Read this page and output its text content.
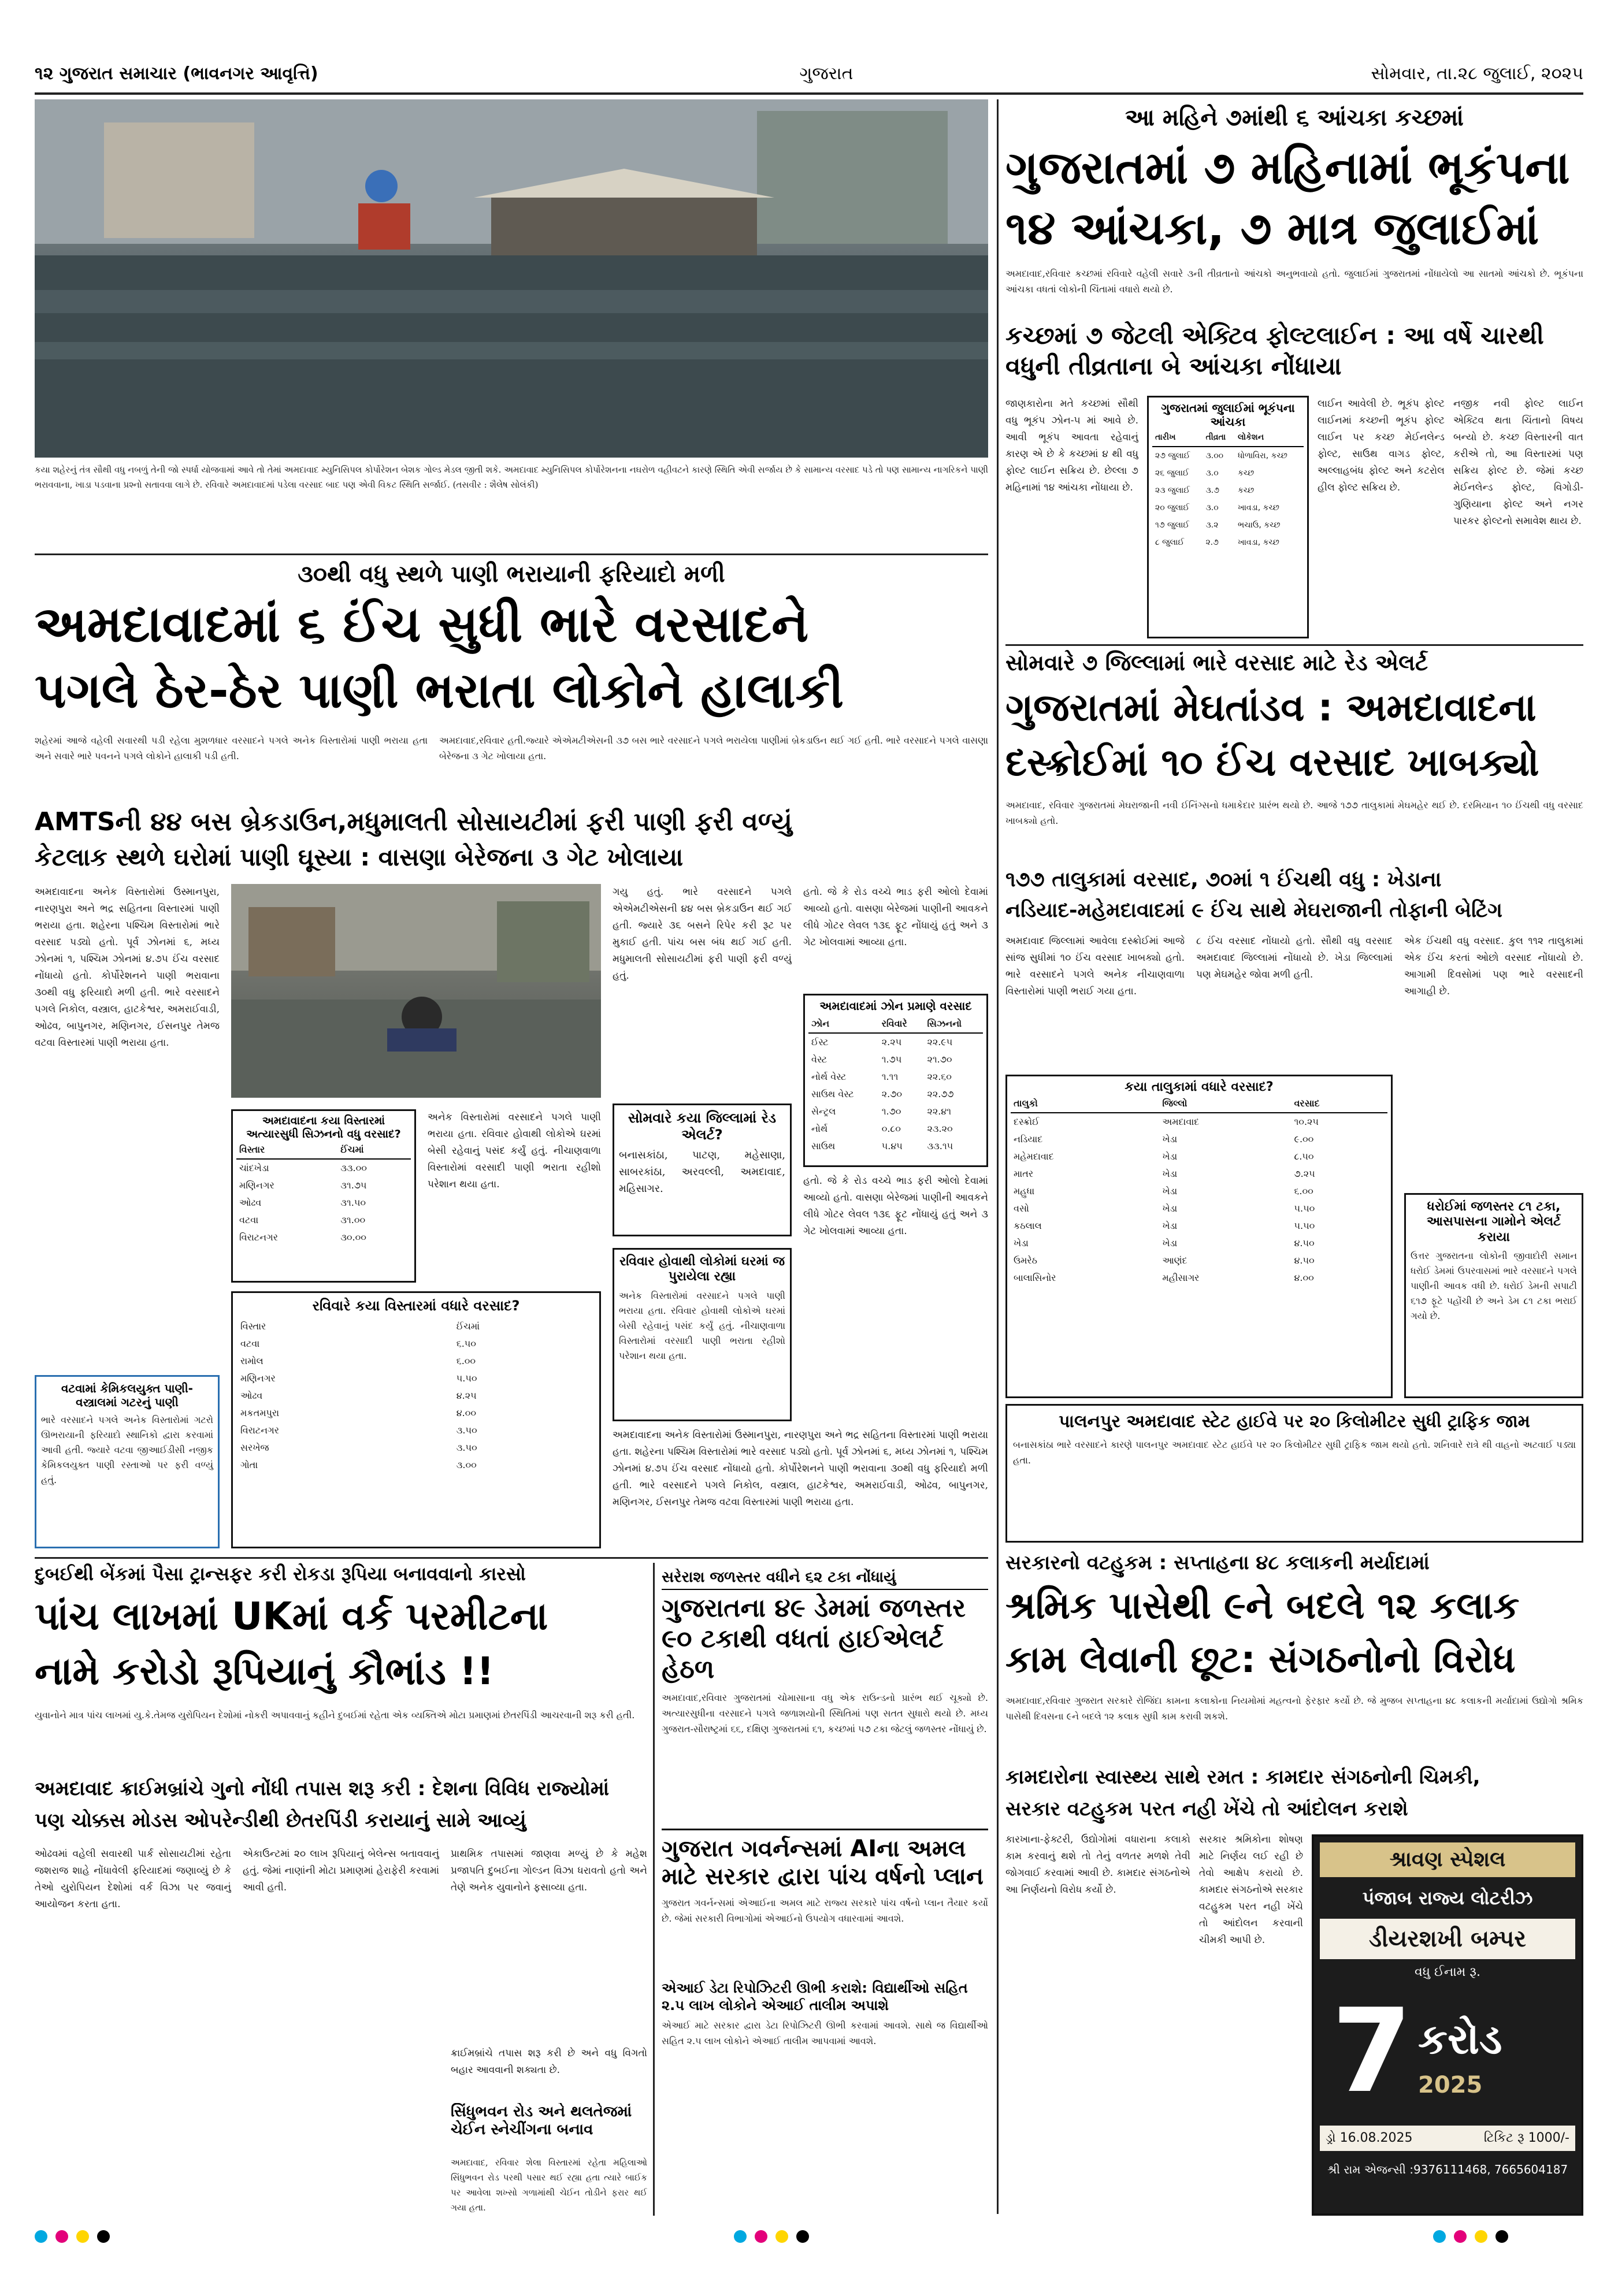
૧૨ ગુજરાત સમાચાર (ભાવનગર આવૃત્તિ)	ગુજરાત	સોમવાર, તા.૨૮ જુલાઈ, ૨૦૨૫
કયા શહેરનું તંત્ર સૌથી વધુ નબળું તેની જો સ્પર્ધા યોજવામાં આવે તો તેમાં અમદાવાદ મ્યુનિસિપલ કોર્પોરેશન બેશક ગોલ્ડ મેડલ જીતી શકે. અમદાવાદ મ્યુનિસિપલ કોર્પોરેશનના નઘરોળ વહીવટને કારણે સ્થિતિ એવી સર્જાય છે કે સામાન્ય વરસાદ પડે તો પણ સામાન્ય નાગરિકને પાણી ભરાવવાના, ખાડા પડવાના પ્રશ્નો સતાવવા લાગે છે. રવિવારે અમદાવાદમાં પડેલા વરસાદ બાદ પણ એવી વિકટ સ્થિતિ સર્જાઈ. (તસવીર : શૈલેષ સોલંકી)
૩૦થી વધુ સ્થળે પાણી ભરાયાની ફરિયાદો મળી
અમદાવાદમાં ૬ ઈંચ સુધી ભારે વરસાદને
પગલે ઠેર-ઠેર પાણી ભરાતા લોકોને હાલાકી
શહેરમાં આજે વહેલી સવારથી પડી રહેલા મુશળધાર વરસાદને પગલે અનેક વિસ્તારોમાં પાણી ભરાયા હતા અને સવારે ભારે પવનને પગલે લોકોને હાલાકી પડી હતી.
અમદાવાદ,રવિવાર હતી.જ્યારે એએમટીએસની ૩૭ બસ ભારે વરસાદને પગલે ભરાયેલા પાણીમાં બ્રેકડાઉન થઈ ગઈ હતી. ભારે વરસાદને પગલે વાસણા બેરેજના ૩ ગેટ ખોલાયા હતા.
AMTSની ૪૪ બસ બ્રેકડાઉન,મધુમાલતી સોસાયટીમાં ફરી પાણી ફરી વળ્યું
કેટલાક સ્થળે ઘરોમાં પાણી ઘૂસ્યા : વાસણા બેરેજના ૩ ગેટ ખોલાયા
અમદાવાદના અનેક વિસ્તારોમાં ઉસ્માનપુરા, નારણપુરા અને ભદ્ર સહિતના વિસ્તારમાં પાણી ભરાયા હતા. શહેરના પશ્ચિમ વિસ્તારોમાં ભારે વરસાદ પડ્યો હતો. પૂર્વ ઝોનમાં ૬, મધ્ય ઝોનમાં ૧, પશ્ચિમ ઝોનમાં ૪.૭૫ ઈંચ વરસાદ નોંધાયો હતો. કોર્પોરેશનને પાણી ભરાવાના ૩૦થી વધુ ફરિયાદો મળી હતી. ભારે વરસાદને પગલે નિકોલ, વસ્ત્રાલ, હાટકેશ્વર, અમરાઈવાડી, ઓઢવ, બાપુનગર, મણિનગર, ઈસનપુર તેમજ વટવા વિસ્તારમાં પાણી ભરાયા હતા.
ગયુ હતું. ભારે વરસાદને પગલે એએમટીએસની ૪૪ બસ બ્રેકડાઉન થઈ ગઈ હતી. જ્યારે ૩૬ બસને રિપેર કરી રૂટ પર મુકાઈ હતી. પાંચ બસ બંધ થઈ ગઈ હતી. મધુમાલતી સોસાયટીમાં ફરી પાણી ફરી વળ્યું હતું.
હતો. જે કે રોડ વચ્ચે ભાડ ફરી ઓલો દેવામાં આવ્યો હતો. વાસણા બેરેજમાં પાણીની આવકને લીધે ગોટર લેવલ ૧૩૬ ફૂટ નોંધાયું હતું અને ૩ ગેટ ખોલવામાં આવ્યા હતા.
અમદાવાદમાં ઝોન પ્રમાણે વરસાદ
ઝોન	રવિવારે	સિઝનનો
ઈસ્ટ	૨.૨૫	૨૨.૯૫
વેસ્ટ	૧.૭૫	૨૧.૭૦
નોર્થ વેસ્ટ	૧.૧૧	૨૨.૬૦
સાઉથ વેસ્ટ	૨.૭૦	૨૨.૭૭
સેન્ટ્રલ	૧.૭૦	૨૨.૪૧
નોર્થ	૦.૮૦	૨૩.૨૦
સાઉથ	૫.૪૫	૩૩.૧૫
સોમવારે કયા જિલ્લામાં રેડ એલર્ટ?
બનાસકાંઠા, પાટણ, મહેસાણા, સાબરકાંઠા, અરવલ્લી, અમદાવાદ, મહિસાગર.
અમદાવાદના કયા વિસ્તારમાં અત્યારસુધી સિઝનનો વધુ વરસાદ?
વિસ્તાર	ઈંચમાં
ચાંદખેડા	૩૩.૦૦
મણિનગર	૩૧.૭૫
ઓઢવ	૩૧.૫૦
વટવા	૩૧.૦૦
વિરાટનગર	૩૦.૦૦
અનેક વિસ્તારોમાં વરસાદને પગલે પાણી ભરાયા હતા. રવિવાર હોવાથી લોકોએ ઘરમાં બેસી રહેવાનું પસંદ કર્યું હતું. નીચાણવાળા વિસ્તારોમાં વરસાદી પાણી ભરાતા રહીશો પરેશાન થયા હતા.
રવિવાર હોવાથી લોકોમાં ઘરમાં જ પુરાયેલા રહ્યા
અનેક વિસ્તારોમાં વરસાદને પગલે પાણી ભરાયા હતા. રવિવાર હોવાથી લોકોએ ઘરમાં બેસી રહેવાનું પસંદ કર્યું હતું. નીચાણવાળા વિસ્તારોમાં વરસાદી પાણી ભરાતા રહીશો પરેશાન થયા હતા.
હતો. જે કે રોડ વચ્ચે ભાડ ફરી ઓલો દેવામાં આવ્યો હતો. વાસણા બેરેજમાં પાણીની આવકને લીધે ગોટર લેવલ ૧૩૬ ફૂટ નોંધાયું હતું અને ૩ ગેટ ખોલવામાં આવ્યા હતા.
વટવામાં કેમિકલયુક્ત પાણી-વસ્ત્રાલમાં ગટરનું પાણી
ભારે વરસાદને પગલે અનેક વિસ્તારોમાં ગટરો ઊભરાયાની ફરિયાદો સ્થાનિકો દ્વારા કરવામાં આવી હતી. જ્યારે વટવા જીઆઈડીસી નજીક કેમિકલયુક્ત પાણી રસ્તાઓ પર ફરી વળ્યું હતું.
રવિવારે કયા વિસ્તારમાં વધારે વરસાદ?
વિસ્તાર	ઈંચમાં
વટવા	૬.૫૦
રામોલ	૬.૦૦
મણિનગર	૫.૫૦
ઓઢવ	૪.૨૫
મકતમપુરા	૪.૦૦
વિરાટનગર	૩.૫૦
સરખેજ	૩.૫૦
ગોતા	૩.૦૦
અમદાવાદના અનેક વિસ્તારોમાં ઉસ્માનપુરા, નારણપુરા અને ભદ્ર સહિતના વિસ્તારમાં પાણી ભરાયા હતા. શહેરના પશ્ચિમ વિસ્તારોમાં ભારે વરસાદ પડ્યો હતો. પૂર્વ ઝોનમાં ૬, મધ્ય ઝોનમાં ૧, પશ્ચિમ ઝોનમાં ૪.૭૫ ઈંચ વરસાદ નોંધાયો હતો. કોર્પોરેશનને પાણી ભરાવાના ૩૦થી વધુ ફરિયાદો મળી હતી. ભારે વરસાદને પગલે નિકોલ, વસ્ત્રાલ, હાટકેશ્વર, અમરાઈવાડી, ઓઢવ, બાપુનગર, મણિનગર, ઈસનપુર તેમજ વટવા વિસ્તારમાં પાણી ભરાયા હતા.
દુબઈથી બેંકમાં પૈસા ટ્રાન્સફર કરી રોકડા રૂપિયા બનાવવાનો કારસો
પાંચ લાખમાં UKમાં વર્ક પરમીટના
નામે કરોડો રૂપિયાનું કૌભાંડ !!
યુવાનોને માત્ર પાંચ લાખમાં યુ.કે.તેમજ યુરોપિયન દેશોમાં નોકરી અપાવવાનું કહીને દુબઈમાં રહેતા એક વ્યક્તિએ મોટા પ્રમાણમાં છેતરપિંડી આચરવાની શરૂ કરી હતી.
અમદાવાદ ક્રાઈમબ્રાંચે ગુનો નોંધી તપાસ શરૂ કરી : દેશના વિવિધ રાજ્યોમાં
પણ ચોક્કસ મોડસ ઓપરેન્ડીથી છેતરપિંડી કરાયાનું સામે આવ્યું
ઓઢવમાં વહેલી સવારથી પાર્ક સોસાયટીમાં રહેતા જશરાજ શાહે નોંધાવેલી ફરિયાદમાં જણાવ્યું છે કે તેઓ યુરોપિયન દેશોમાં વર્ક વિઝા પર જવાનું આયોજન કરતા હતા.
એકાઉન્ટમાં ૨૦ લાખ રૂપિયાનું બેલેન્સ બતાવવાનું હતું. જેમાં નાણાંની મોટા પ્રમાણમાં હેરાફેરી કરવામાં આવી હતી.
પ્રાથમિક તપાસમાં જાણવા મળ્યું છે કે મહેશ પ્રજાપતિ દુબઈના ગોલ્ડન વિઝા ધરાવતો હતો અને તેણે અનેક યુવાનોને ફસાવ્યા હતા.
ક્રાઈમબ્રાંચે તપાસ શરૂ કરી છે અને વધુ વિગતો બહાર આવવાની શક્યતા છે.
સિંધુભવન રોડ અને થલતેજમાં ચેઈન સ્નેચીંગના બનાવ
અમદાવાદ, રવિવાર શેલા વિસ્તારમાં રહેતા મહિલાઓ સિંધુભવન રોડ પરથી પસાર થઈ રહ્યા હતા ત્યારે બાઈક પર આવેલા શખ્સો ગળામાંથી ચેઈન તોડીને ફરાર થઈ ગયા હતા.
આ મહિને ૭માંથી ૬ આંચકા કચ્છમાં
ગુજરાતમાં ૭ મહિનામાં ભૂકંપના
૧૪ આંચકા, ૭ માત્ર જુલાઈમાં
અમદાવાદ,રવિવાર કચ્છમાં રવિવારે વહેલી સવારે ૩ની તીવ્રતાનો આંચકો અનુભવાયો હતો. જુલાઈમાં ગુજરાતમાં નોંધાયેલો આ સાતમો આંચકો છે. ભૂકંપના આંચકા વધતાં લોકોની ચિંતામાં વધારો થયો છે.
કચ્છમાં ૭ જેટલી એક્ટિવ ફોલ્ટલાઈન : આ વર્ષે ચારથી વધુની તીવ્રતાના બે આંચકા નોંધાયા
જાણકારોના મતે કચ્છમાં સૌથી વધુ ભૂકંપ ઝોન-૫ માં આવે છે. આવી ભૂકંપ આવતા રહેવાનું કારણ એ છે કે કચ્છમાં ૪ થી વધુ ફોલ્ટ લાઈન સક્રિય છે. છેલ્લા ૭ મહિનામાં ૧૪ આંચકા નોંધાયા છે.
ગુજરાતમાં જુલાઈમાં ભૂકંપના આંચકા
તારીખ	તીવ્રતા	લોકેશન
૨૭ જુલાઈ	૩.૦૦	ધોળાવિરા, કચ્છ
૨૬ જુલાઈ	૩.૦	કચ્છ
૨૩ જુલાઈ	૩.૭	કચ્છ
૨૦ જુલાઈ	૩.૦	ખાવડા, કચ્છ
૧૭ જુલાઈ	૩.૨	ભચાઉ, કચ્છ
૮ જુલાઈ	૨.૭	ખાવડા, કચ્છ
લાઈન આવેલી છે. ભૂકંપ ફોલ્ટ લાઈનમાં કચ્છની ભૂકંપ ફોલ્ટ લાઈન પર કચ્છ મેઈનલેન્ડ ફોલ્ટ, સાઉથ વાગડ ફોલ્ટ, અલ્લાહબંધ ફોલ્ટ અને કટરોલ હીલ ફોલ્ટ સક્રિય છે.
નજીક નવી ફોલ્ટ લાઈન એક્ટિવ થતા ચિંતાનો વિષય બન્યો છે. કચ્છ વિસ્તારની વાત કરીએ તો, આ વિસ્તારમાં પણ સક્રિય ફોલ્ટ છે. જેમાં કચ્છ મેઈનલેન્ડ ફોલ્ટ, વિગોડી-ગુણિયાના ફોલ્ટ અને નગર પારકર ફોલ્ટનો સમાવેશ થાય છે.
સોમવારે ૭ જિલ્લામાં ભારે વરસાદ માટે રેડ એલર્ટ
ગુજરાતમાં મેઘતાંડવ : અમદાવાદના
દસ્ક્રોઈમાં ૧૦ ઈંચ વરસાદ ખાબક્યો
અમદાવાદ, રવિવાર ગુજરાતમાં મેઘરાજાની નવી ઈનિંગ્સનો ધમાકેદાર પ્રારંભ થયો છે. આજે ૧૭૭ તાલુકામાં મેઘમહેર થઈ છે. દરમિયાન ૧૦ ઈંચથી વધુ વરસાદ ખાબક્યો હતો.
૧૭૭ તાલુકામાં વરસાદ, ૭૦માં ૧ ઈંચથી વધુ : ખેડાના
નડિયાદ-મહેમદાવાદમાં ૯ ઈંચ સાથે મેઘરાજાની તોફાની બેટિંગ
અમદાવાદ જિલ્લામાં આવેલા દસ્ક્રોઈમાં આજે સાંજ સુધીમાં ૧૦ ઈંચ વરસાદ ખાબક્યો હતો. ભારે વરસાદને પગલે અનેક નીચાણવાળા વિસ્તારોમાં પાણી ભરાઈ ગયા હતા.
૮ ઈંચ વરસાદ નોંધાયો હતો. સૌથી વધુ વરસાદ અમદાવાદ જિલ્લામાં નોંધાયો છે. ખેડા જિલ્લામાં પણ મેઘમહેર જોવા મળી હતી.
એક ઈંચથી વધુ વરસાદ. કુલ ૧૧૨ તાલુકામાં એક ઈંચ કરતાં ઓછો વરસાદ નોંધાયો છે. આગામી દિવસોમાં પણ ભારે વરસાદની આગાહી છે.
કયા તાલુકામાં વધારે વરસાદ?
તાલુકો	જિલ્લો	વરસાદ
દસ્ક્રોઈ	અમદાવાદ	૧૦.૨૫
નડિયાદ	ખેડા	૯.૦૦
મહેમદાવાદ	ખેડા	૮.૫૦
માતર	ખેડા	૭.૨૫
મહુધા	ખેડા	૬.૦૦
વસો	ખેડા	૫.૫૦
કઠલાલ	ખેડા	૫.૫૦
ખેડા	ખેડા	૪.૫૦
ઉમરેઠ	આણંદ	૪.૫૦
બાલાસિનોર	મહીસાગર	૪.૦૦
ધરોઈમાં જળસ્તર ૮૧ ટકા, આસપાસના ગામોને એલર્ટ કરાયા
ઉત્તર ગુજરાતના લોકોની જીવાદોરી સમાન ધરોઈ ડેમમાં ઉપરવાસમાં ભારે વરસાદને પગલે પાણીની આવક વધી છે. ધરોઈ ડેમની સપાટી ૬૧૭ ફૂટે પહોંચી છે અને ડેમ ૮૧ ટકા ભરાઈ ગયો છે.
પાલનપુર અમદાવાદ સ્ટેટ હાઈવે પર ૨૦ કિલોમીટર સુધી ટ્રાફિક જામ
બનાસકાંઠા ભારે વરસાદને કારણે પાલનપુર અમદાવાદ સ્ટેટ હાઈવે પર ૨૦ કિલોમીટર સુધી ટ્રાફિક જામ થયો હતો. શનિવારે રાત્રે થી વાહનો અટવાઈ પડ્યા હતા.
સરકારનો વટહુકમ : સપ્તાહના ૪૮ કલાકની મર્યાદામાં
શ્રમિક પાસેથી ૯ને બદલે ૧૨ કલાક
કામ લેવાની છૂટ: સંગઠનોનો વિરોધ
અમદાવાદ,રવિવાર ગુજરાત સરકારે રોજિંદા કામના કલાકોના નિયમોમાં મહત્વનો ફેરફાર કર્યો છે. જે મુજબ સપ્તાહના ૪૮ કલાકની મર્યાદામાં ઉદ્યોગો શ્રમિક પાસેથી દિવસના ૯ને બદલે ૧૨ કલાક સુધી કામ કરાવી શકશે.
કામદારોના સ્વાસ્થ્ય સાથે રમત : કામદાર સંગઠનોની ચિમકી,
સરકાર વટહુકમ પરત નહી ખેંચે તો આંદોલન કરાશે
કારખાના-ફેક્ટરી, ઉદ્યોગોમાં વધારાના કલાકો કામ કરવાનું થશે તો તેનું વળતર મળશે તેવી જોગવાઈ કરવામાં આવી છે. કામદાર સંગઠનોએ આ નિર્ણયનો વિરોધ કર્યો છે.
સરકાર શ્રમિકોના શોષણ માટે નિર્ણય લઈ રહી છે તેવો આક્ષેપ કરાયો છે. કામદાર સંગઠનોએ સરકાર વટહુકમ પરત નહી ખેંચે તો આંદોલન કરવાની ચીમકી આપી છે.
શ્રાવણ સ્પેશલ
પંજાબ રાજ્ય લોટરીઝ
ડીયરશખી બમ્પર
વધુ ઈનામ રૂ.
7 કરોડ
2025
ડ્રો 16.08.2025	ટિકિટ રૂ 1000/-
શ્રી રામ એજન્સી :9376111468, 7665604187
સરેરાશ જળસ્તર વધીને ૬૨ ટકા નોંધાયું
ગુજરાતના ૪૯ ડેમમાં જળસ્તર
૯૦ ટકાથી વધતાં હાઈએલર્ટ હેઠળ
અમદાવાદ,રવિવાર ગુજરાતમાં ચોમાસાના વધુ એક રાઉન્ડનો પ્રારંભ થઈ ચૂક્યો છે. અત્યારસુધીના વરસાદને પગલે જળાશયોની સ્થિતિમાં પણ સતત સુધારો થયો છે. મધ્ય ગુજરાત-સૌરાષ્ટ્રમાં ૬૬, દક્ષિણ ગુજરાતમાં ૬૧, કચ્છમાં ૫૭ ટકા જેટલું જળસ્તર નોંધાયું છે.
ગુજરાત ગવર્નન્સમાં AIના અમલ
માટે સરકાર દ્વારા પાંચ વર્ષનો પ્લાન
ગુજરાત ગવર્નન્સમાં એઆઈના અમલ માટે રાજ્ય સરકારે પાંચ વર્ષનો પ્લાન તૈયાર કર્યો છે. જેમાં સરકારી વિભાગોમાં એઆઈનો ઉપયોગ વધારવામાં આવશે.
એઆઈ ડેટા રિપોઝિટરી ઊભી કરાશે: વિદ્યાર્થીઓ સહિત ૨.૫ લાખ લોકોને એઆઈ તાલીમ અપાશે
એઆઈ માટે સરકાર દ્વારા ડેટા રિપોઝિટરી ઊભી કરવામાં આવશે. સાથે જ વિદ્યાર્થીઓ સહિત ૨.૫ લાખ લોકોને એઆઈ તાલીમ આપવામાં આવશે.
